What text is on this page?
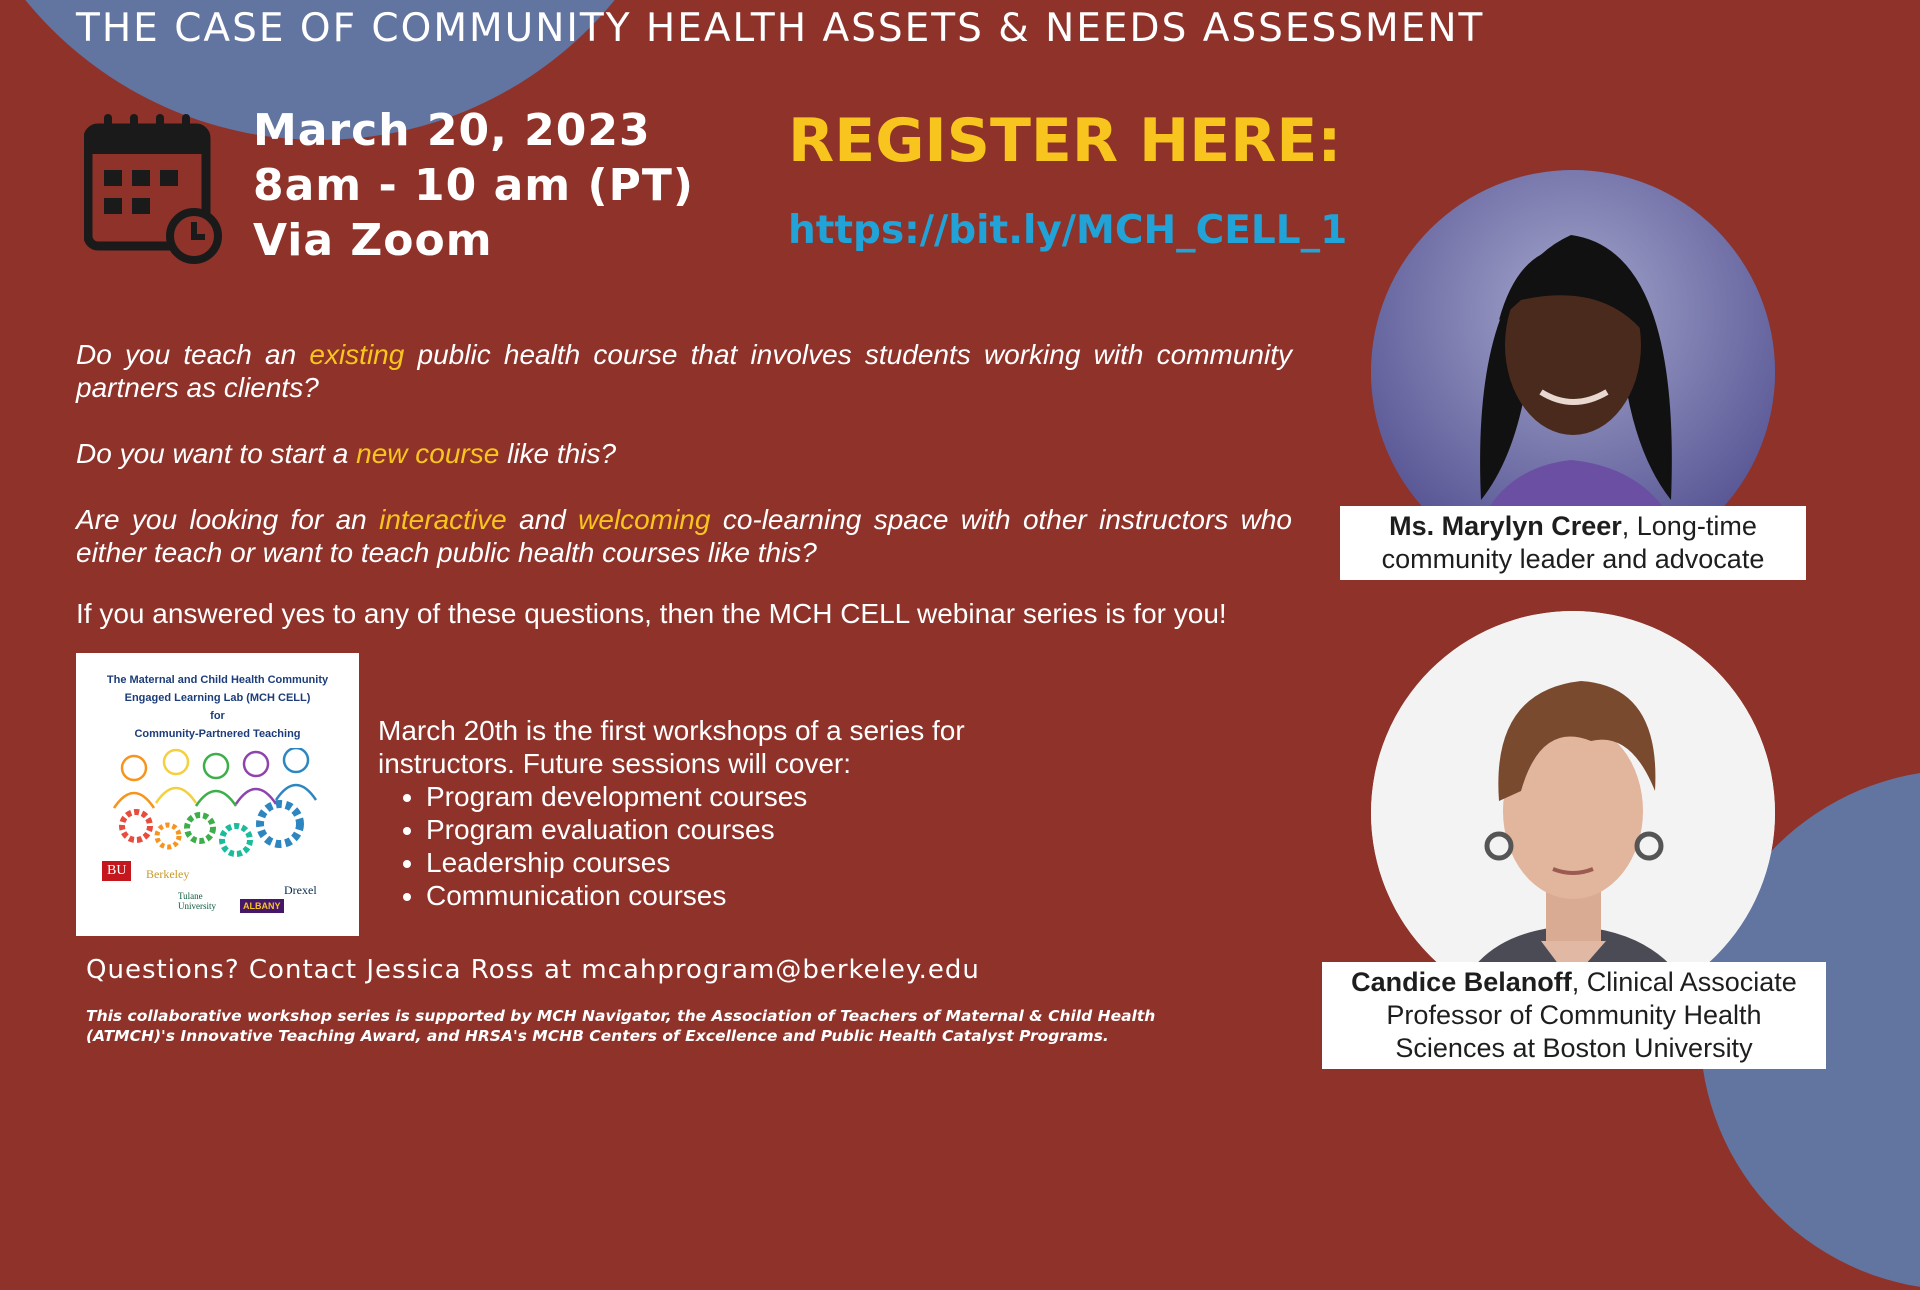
THE CASE OF COMMUNITY HEALTH ASSETS & NEEDS ASSESSMENT
March 20, 2023
8am - 10 am (PT)
Via Zoom
REGISTER HERE:
https://bit.ly/MCH_CELL_1

Do you teach an existing public health course that involves students working with community partners as clients?

Do you want to start a new course like this?

Are you looking for an interactive and welcoming co-learning space with other instructors who either teach or want to teach public health courses like this?

If you answered yes to any of these questions, then the MCH CELL webinar series is for you!
The Maternal and Child Health Community
Engaged Learning Lab (MCH CELL)
for
Community-Partnered Teaching
BU	Berkeley
Tulane University	ALBANY
Drexel
March 20th is the first workshops of a series for instructors. Future sessions will cover:
• Program development courses
• Program evaluation courses
• Leadership courses
• Communication courses
Questions? Contact Jessica Ross at mcahprogram@berkeley.edu
This collaborative workshop series is supported by MCH Navigator, the Association of Teachers of Maternal & Child Health (ATMCH)'s Innovative Teaching Award, and HRSA's MCHB Centers of Excellence and Public Health Catalyst Programs.
Ms. Marylyn Creer, Long-time community leader and advocate
Candice Belanoff, Clinical Associate Professor of Community Health Sciences at Boston University
